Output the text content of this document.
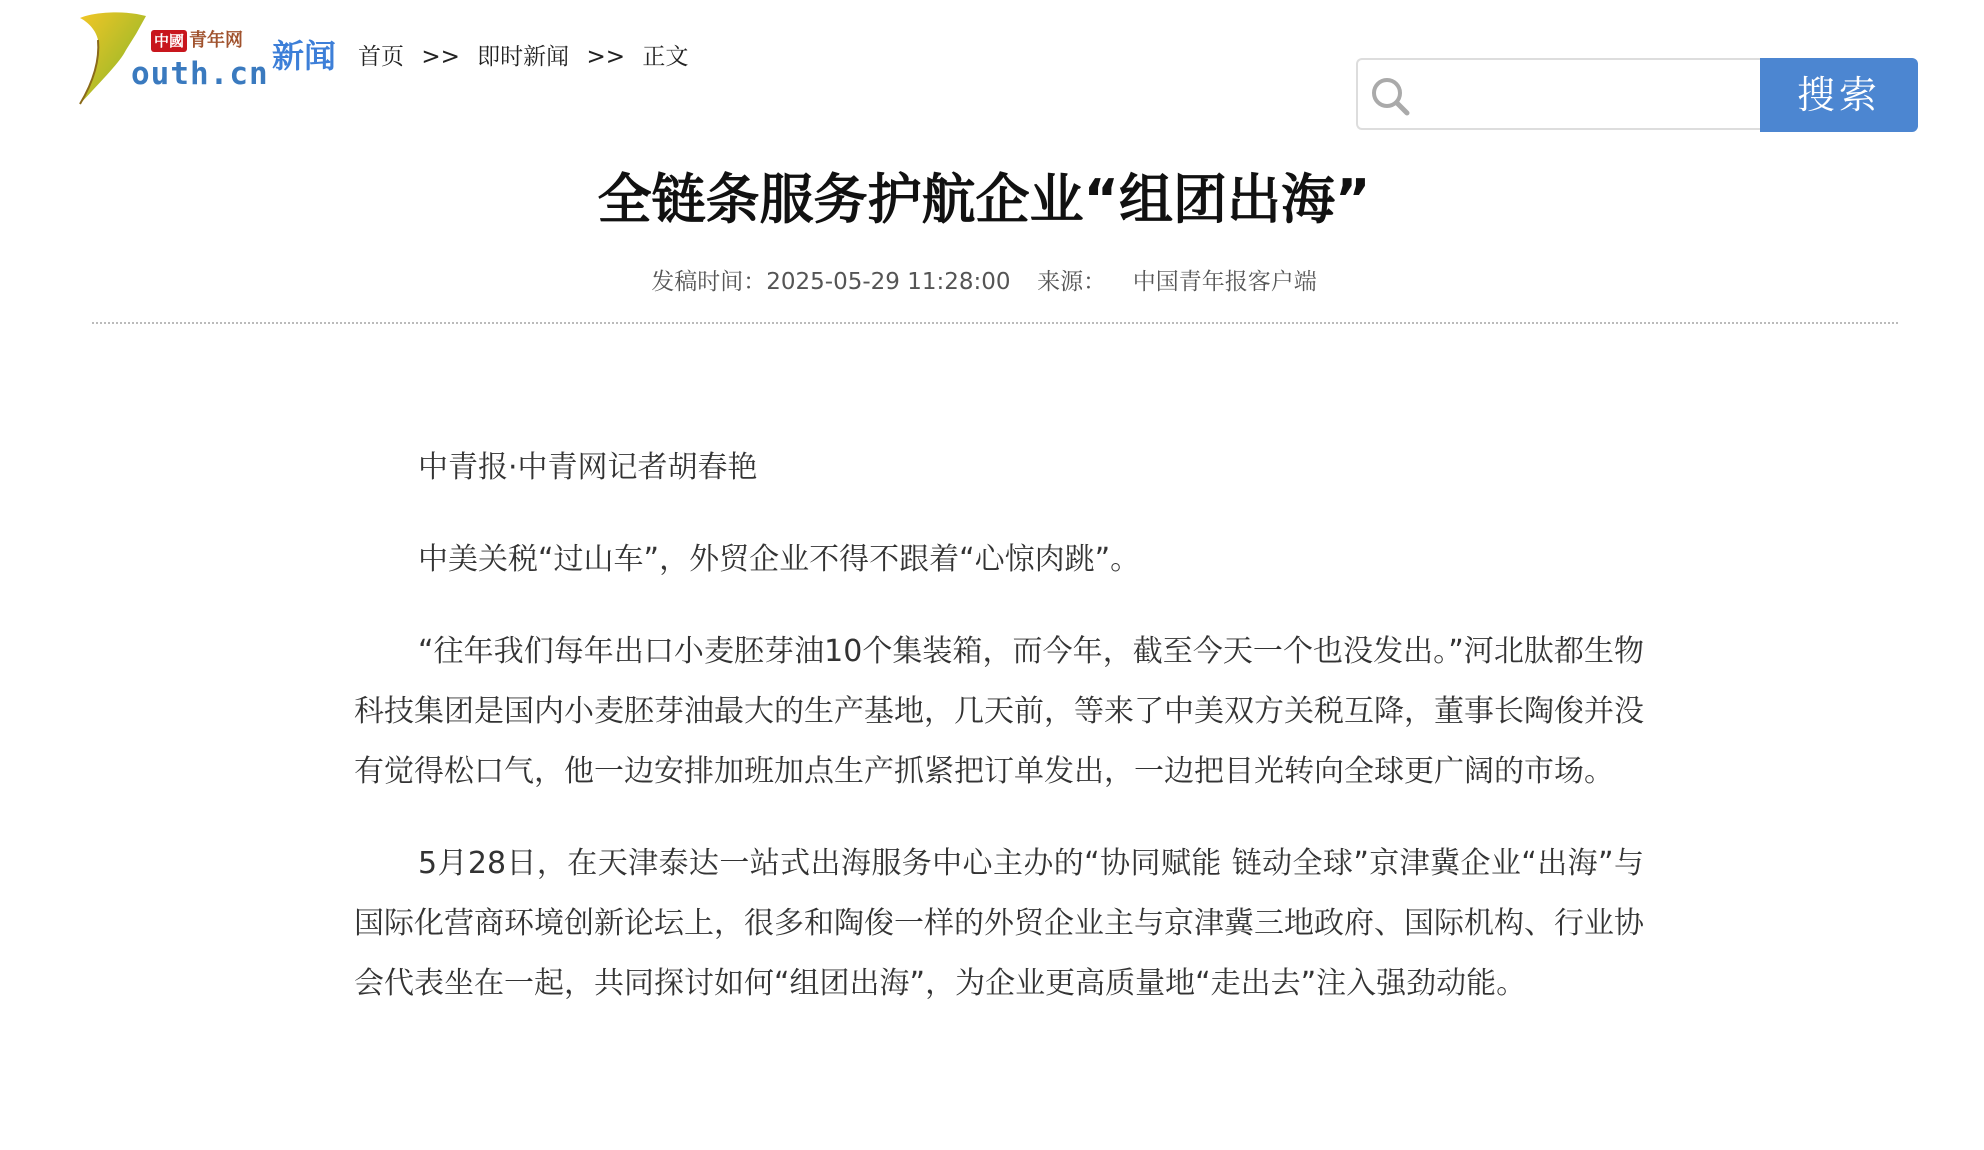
中國 青年网
outh.cn 新闻 首页 >> 即时新闻 >> 正文
搜索
全链条服务护航企业“组团出海”
发稿时间：2025-05-29 11:28:00 来源： 中国青年报客户端

中青报·中青网记者胡春艳

中美关税“过山车”，外贸企业不得不跟着“心惊肉跳”。

“往年我们每年出口小麦胚芽油10个集装箱，而今年，截至今天一个也没发出。”河北肽都生物科技集团是国内小麦胚芽油最大的生产基地，几天前，等来了中美双方关税互降，董事长陶俊并没有觉得松口气，他一边安排加班加点生产抓紧把订单发出，一边把目光转向全球更广阔的市场。

5月28日，在天津泰达一站式出海服务中心主办的“协同赋能 链动全球”京津冀企业“出海”与国际化营商环境创新论坛上，很多和陶俊一样的外贸企业主与京津冀三地政府、国际机构、行业协会代表坐在一起，共同探讨如何“组团出海”，为企业更高质量地“走出去”注入强劲动能。
